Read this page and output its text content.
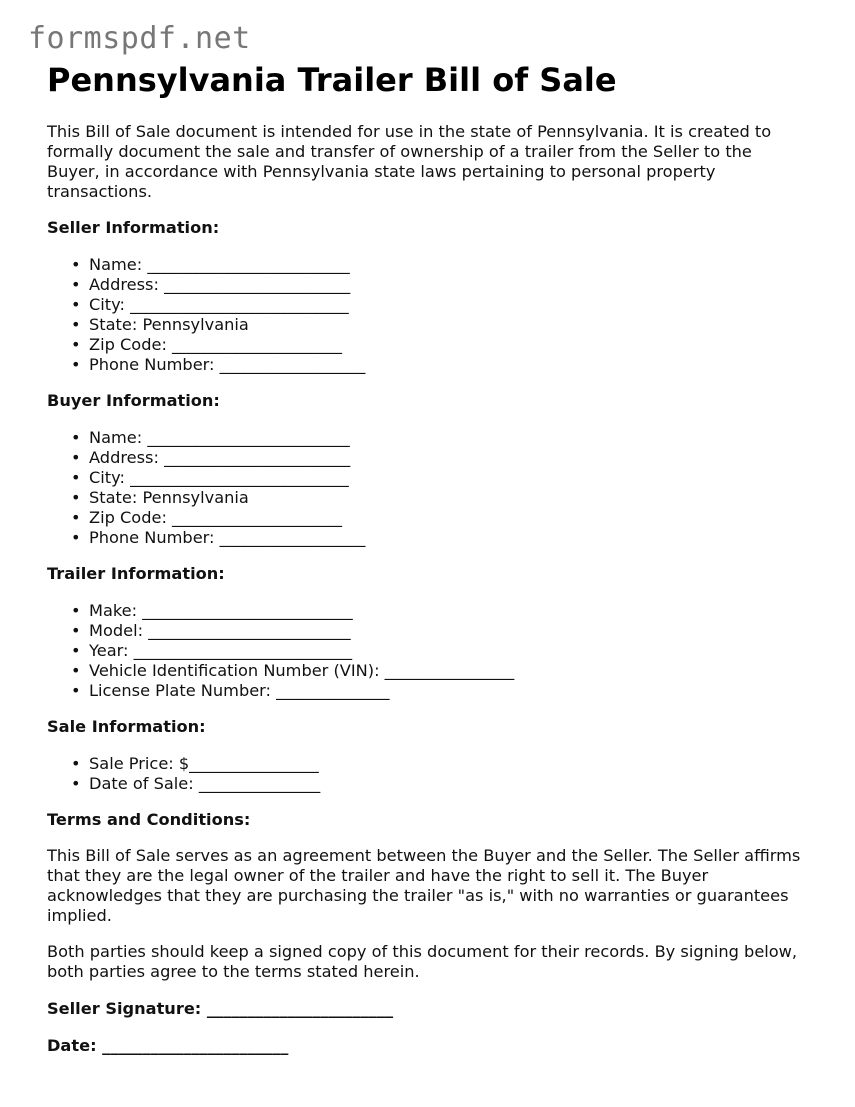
formspdf.net
Pennsylvania Trailer Bill of Sale

This Bill of Sale document is intended for use in the state of Pennsylvania. It is created to formally document the sale and transfer of ownership of a trailer from the Seller to the Buyer, in accordance with Pennsylvania state laws pertaining to personal property transactions.

Seller Information:
• Name: _________________________
• Address: _______________________
• City: ___________________________
• State: Pennsylvania
• Zip Code: _____________________
• Phone Number: __________________
Buyer Information:
• Name: _________________________
• Address: _______________________
• City: ___________________________
• State: Pennsylvania
• Zip Code: _____________________
• Phone Number: __________________
Trailer Information:
• Make: __________________________
• Model: _________________________
• Year: ___________________________
• Vehicle Identification Number (VIN): ________________
• License Plate Number: ______________
Sale Information:
• Sale Price: $________________
• Date of Sale: _______________
Terms and Conditions:

This Bill of Sale serves as an agreement between the Buyer and the Seller. The Seller affirms that they are the legal owner of the trailer and have the right to sell it. The Buyer acknowledges that they are purchasing the trailer "as is," with no warranties or guarantees implied.

Both parties should keep a signed copy of this document for their records. By signing below, both parties agree to the terms stated herein.

Seller Signature: _______________________
Date: _______________________
